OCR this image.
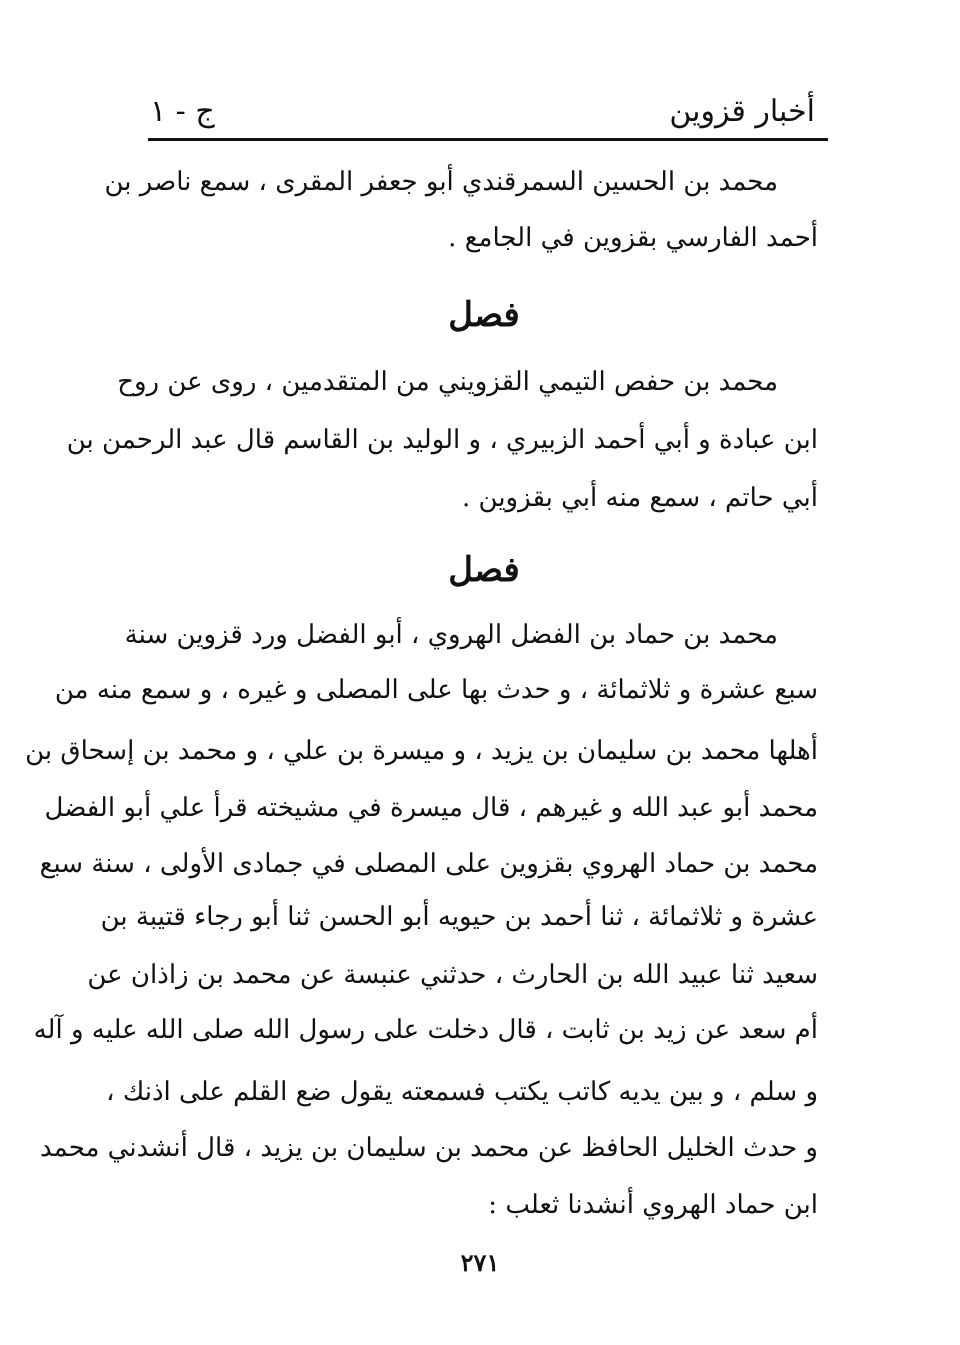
أخبار قزوين
ج - ١
محمد بن الحسين السمرقندي أبو جعفر المقرى ، سمع ناصر بن
أحمد الفارسي بقزوين في الجامع .
فصل
محمد بن حفص التيمي القزويني من المتقدمين ، روى عن روح
ابن عبادة و أبي أحمد الزبيري ، و الوليد بن القاسم قال عبد الرحمن بن
أبي حاتم ، سمع منه أبي بقزوين .
فصل
محمد بن حماد بن الفضل الهروي ، أبو الفضل ورد قزوين سنة
سبع عشرة و ثلاثمائة ، و حدث بها على المصلى و غيره ، و سمع منه من
أهلها محمد بن سليمان بن يزيد ، و ميسرة بن علي ، و محمد بن إسحاق بن
محمد أبو عبد الله و غيرهم ، قال ميسرة في مشيخته قرأ علي أبو الفضل
محمد بن حماد الهروي بقزوين على المصلى في جمادى الأولى ، سنة سبع
عشرة و ثلاثمائة ، ثنا أحمد بن حيويه أبو الحسن ثنا أبو رجاء قتيبة بن
سعيد ثنا عبيد الله بن الحارث ، حدثني عنبسة عن محمد بن زاذان عن
أم سعد عن زيد بن ثابت ، قال دخلت على رسول الله صلى الله عليه و آله
و سلم ، و بين يديه كاتب يكتب فسمعته يقول ضع القلم على اذنك ،
و حدث الخليل الحافظ عن محمد بن سليمان بن يزيد ، قال أنشدني محمد
ابن حماد الهروي أنشدنا ثعلب :
٢٧١
